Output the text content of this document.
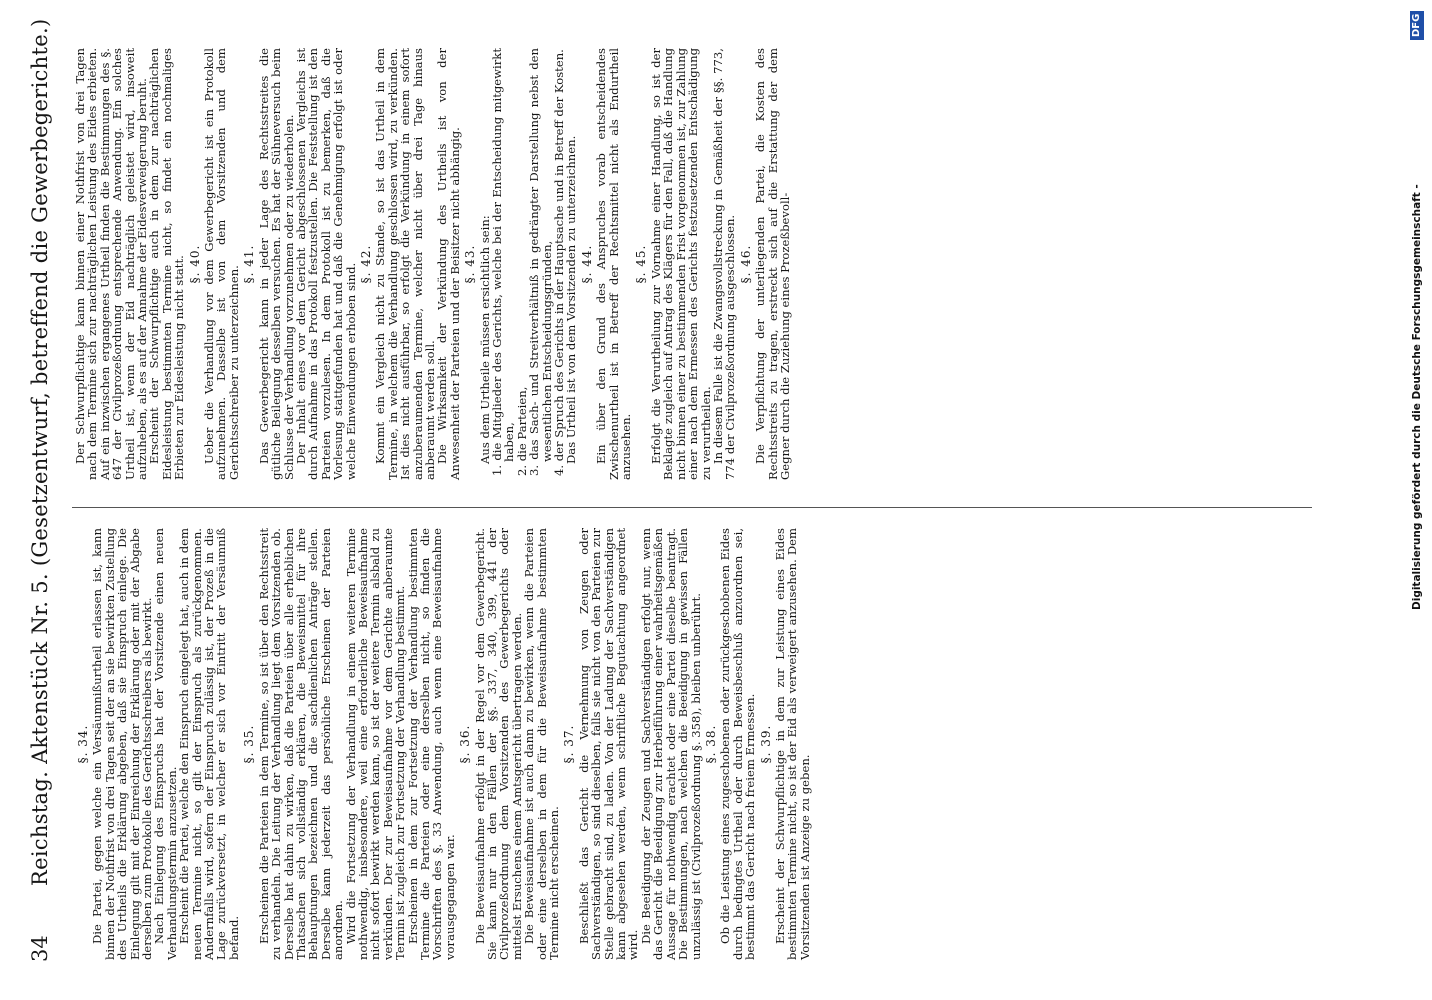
34
Reichstag. Aktenstück Nr. 5. (Gesetzentwurf, betreffend die Gewerbegerichte.) §. 34. Die Partei, gegen welche ein Versäumnißurtheil erlassen ist, kann binnen der Nothfrist von drei Tagen seit der an sie bewirkten Zustellung des Urtheils die Erklärung abgeben, daß sie Einspruch einlege. Die Einlegung gilt mit der Einreichung der Erklärung oder mit der Abgabe derselben zum Protokolle des Gerichtsschreibers als bewirkt.
Nach Einlegung des Einspruchs hat der Vorsitzende einen neuen Verhandlungstermin anzusetzen.
Erscheint die Partei, welche den Einspruch eingelegt hat, auch in dem neuen Termine nicht, so gilt der Einspruch als zurückgenommen. Andernfalls wird, sofern der Einspruch zulässig ist, der Prozeß in die Lage zurückversetzt, in welcher er sich vor Eintritt der Versäumniß befand.
§. 35. Erscheinen die Parteien in dem Termine, so ist über den Rechtsstreit zu verhandeln. Die Leitung der Verhandlung liegt dem Vorsitzenden ob. Derselbe hat dahin zu wirken, daß die Parteien über alle erheblichen Thatsachen sich vollständig erklären, die Beweismittel für ihre Behauptungen bezeichnen und die sachdienlichen Anträge stellen. Derselbe kann jederzeit das persönliche Erscheinen der Parteien anordnen.
Wird die Fortsetzung der Verhandlung in einem weiteren Termine nothwendig, insbesondere, weil eine erforderliche Beweisaufnahme nicht sofort bewirkt werden kann, so ist der weitere Termin alsbald zu verkünden. Der zur Beweisaufnahme vor dem Gerichte anberaumte Termin ist zugleich zur Fortsetzung der Verhandlung bestimmt.
Erscheinen in dem zur Fortsetzung der Verhandlung bestimmten Termine die Parteien oder eine derselben nicht, so finden die Vorschriften des §. 33 Anwendung, auch wenn eine Beweisaufnahme vorausgegangen war.
§. 36. Die Beweisaufnahme erfolgt in der Regel vor dem Gewerbegericht. Sie kann nur in den Fällen der §§. 337, 340, 399, 441 der Civilprozeßordnung dem Vorsitzenden des Gewerbegerichts oder mittelst Ersuchens einem Amtsgericht übertragen werden.
Die Beweisaufnahme ist auch dann zu bewirken, wenn die Parteien oder eine derselben in dem für die Beweisaufnahme bestimmten Termine nicht erscheinen.
§. 37. Beschließt das Gericht die Vernehmung von Zeugen oder Sachverständigen, so sind dieselben, falls sie nicht von den Parteien zur Stelle gebracht sind, zu laden. Von der Ladung der Sachverständigen kann abgesehen werden, wenn schriftliche Begutachtung angeordnet wird.
Die Beeidigung der Zeugen und Sachverständigen erfolgt nur, wenn das Gericht die Beeidigung zur Herbeiführung einer wahrheitsgemäßen Aussage für nothwendig erachtet oder eine Partei dieselbe beantragt. Die Bestimmungen, nach welchen die Beeidigung in gewissen Fällen unzulässig ist (Civilprozeßordnung §. 358), bleiben unberührt. §. 38. Ob die Leistung eines zugeschobenen oder zurückgeschobenen Eides durch bedingtes Urtheil oder durch Beweisbeschluß anzuordnen sei, bestimmt das Gericht nach freiem Ermessen. §. 39. Erscheint der Schwurpflichtige in dem zur Leistung eines Eides bestimmten Termine nicht, so ist der Eid als verweigert anzusehen. Dem Vorsitzenden ist Anzeige zu geben.
Der Schwurpflichtige kann binnen einer Nothfrist von drei Tagen nach dem Termine sich zur nachträglichen Leistung des Eides erbieten. Auf ein inzwischen ergangenes Urtheil finden die Bestimmungen des §. 647 der Civilprozeßordnung entsprechende Anwendung. Ein solches Urtheil ist, wenn der Eid nachträglich geleistet wird, insoweit aufzuheben, als es auf der Annahme der Eidesverweigerung beruht.
Erscheint der Schwurpflichtige auch in dem zur nachträglichen Eidesleistung bestimmten Termine nicht, so findet ein nochmaliges Erbieten zur Eidesleistung nicht statt. §. 40. Ueber die Verhandlung vor dem Gewerbegericht ist ein Protokoll aufzunehmen. Dasselbe ist von dem Vorsitzenden und dem Gerichtsschreiber zu unterzeichnen.
§. 41. Das Gewerbegericht kann in jeder Lage des Rechtsstreites die gütliche Beilegung desselben versuchen. Es hat der Sühneversuch beim Schlusse der Verhandlung vorzunehmen oder zu wiederholen.
Der Inhalt eines vor dem Gericht abgeschlossenen Vergleichs ist durch Aufnahme in das Protokoll festzustellen. Die Feststellung ist den Parteien vorzulesen. In dem Protokoll ist zu bemerken, daß die Vorlesung stattgefunden hat und daß die Genehmigung erfolgt ist oder welche Einwendungen erhoben sind. §. 42. Kommt ein Vergleich nicht zu Stande, so ist das Urtheil in dem Termine, in welchem die Verhandlung geschlossen wird, zu verkünden. Ist dies nicht ausführbar, so erfolgt die Verkündung in einem sofort anzuberaumenden Termine, welcher nicht über drei Tage hinaus anberaumt werden soll.
Die Wirksamkeit der Verkündung des Urtheils ist von der Anwesenheit der Parteien und der Beisitzer nicht abhängig. §. 43. Aus dem Urtheile müssen ersichtlich sein:
1. die Mitglieder des Gerichts, welche bei der Entscheidung mitgewirkt haben,
2. die Parteien,
3. das Sach- und Streitverhältniß in gedrängter Darstellung nebst den wesentlichen Entscheidungsgründen,
4. der Spruch des Gerichts in der Hauptsache und in Betreff der Kosten.
Das Urtheil ist von dem Vorsitzenden zu unterzeichnen. §. 44. Ein über den Grund des Anspruches vorab entscheidendes Zwischenurtheil ist in Betreff der Rechtsmittel nicht als Endurtheil anzusehen.
§. 45. Erfolgt die Verurtheilung zur Vornahme einer Handlung, so ist der Beklagte zugleich auf Antrag des Klägers für den Fall, daß die Handlung nicht binnen einer zu bestimmenden Frist vorgenommen ist, zur Zahlung einer nach dem Ermessen des Gerichts festzusetzenden Entschädigung zu verurtheilen.
In diesem Falle ist die Zwangsvollstreckung in Gemäßheit der §§. 773, 774 der Civilprozeßordnung ausgeschlossen. §. 46. Die Verpflichtung der unterliegenden Partei, die Kosten des Rechtsstreits zu tragen, erstreckt sich auf die Erstattung der dem Gegner durch die Zuziehung eines Prozeßbevoll-	Digitalisierung gefördert durch die Deutsche Forschungsgemeinschaft -
DFG
